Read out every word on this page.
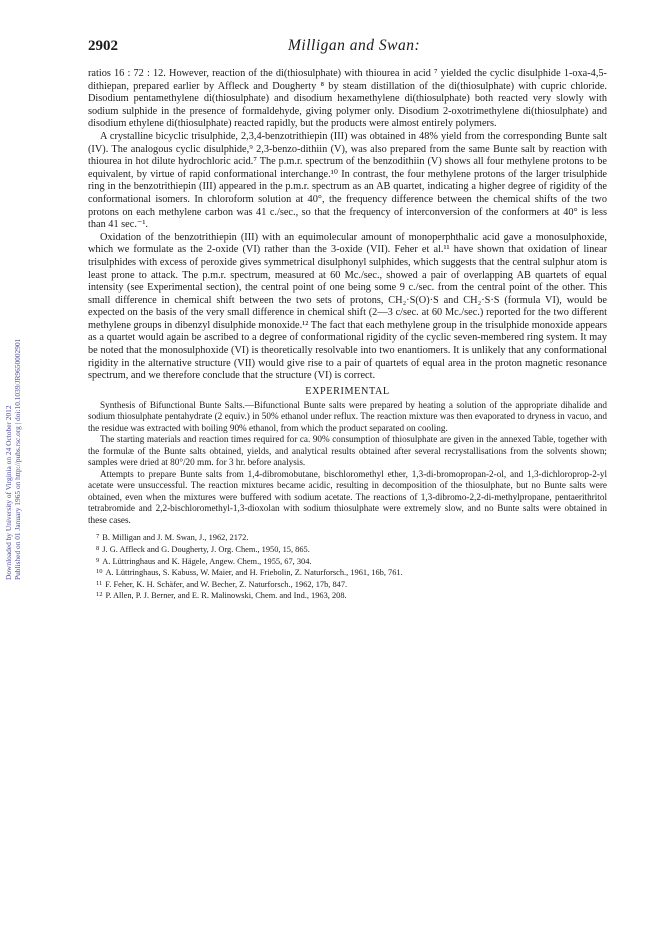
Downloaded by University of Virginia on 24 October 2012 Published on 01 January 1965 on http://pubs.rsc.org | doi:10.1039/JR9650002901
2902	Milligan and Swan:

ratios 16 : 72 : 12. However, reaction of the di(thiosulphate) with thiourea in acid ⁷ yielded the cyclic disulphide 1-oxa-4,5-dithiepan, prepared earlier by Affleck and Dougherty ⁸ by steam distillation of the di(thiosulphate) with cupric chloride. Disodium pentamethylene di(thiosulphate) and disodium hexamethylene di(thiosulphate) both reacted very slowly with sodium sulphide in the presence of formaldehyde, giving polymer only. Disodium 2-oxotrimethylene di(thiosulphate) and disodium ethylene di(thiosulphate) reacted rapidly, but the products were almost entirely polymers.

A crystalline bicyclic trisulphide, 2,3,4-benzotrithiepin (III) was obtained in 48% yield from the corresponding Bunte salt (IV). The analogous cyclic disulphide,⁹ 2,3-benzo-dithiin (V), was also prepared from the same Bunte salt by reaction with thiourea in hot dilute hydrochloric acid.⁷ The p.m.r. spectrum of the benzodithiin (V) shows all four methylene protons to be equivalent, by virtue of rapid conformational interchange.¹⁰ In contrast, the four methylene protons of the larger trisulphide ring in the benzotrithiepin (III) appeared in the p.m.r. spectrum as an AB quartet, indicating a higher degree of rigidity of the conformational isomers. In chloroform solution at 40°, the frequency difference between the chemical shifts of the two protons on each methylene carbon was 41 c./sec., so that the frequency of interconversion of the conformers at 40° is less than 41 sec.⁻¹.

Oxidation of the benzotrithiepin (III) with an equimolecular amount of monoperphthalic acid gave a monosulphoxide, which we formulate as the 2-oxide (VI) rather than the 3-oxide (VII). Feher et al.¹¹ have shown that oxidation of linear trisulphides with excess of peroxide gives symmetrical disulphonyl sulphides, which suggests that the central sulphur atom is least prone to attack. The p.m.r. spectrum, measured at 60 Mc./sec., showed a pair of overlapping AB quartets of equal intensity (see Experimental section), the central point of one being some 9 c./sec. from the central point of the other. This small difference in chemical shift between the two sets of protons, CH₂·S(O)·S and CH₂·S·S (formula VI), would be expected on the basis of the very small difference in chemical shift (2—3 c/sec. at 60 Mc./sec.) reported for the two different methylene groups in dibenzyl disulphide monoxide.¹² The fact that each methylene group in the trisulphide monoxide appears as a quartet would again be ascribed to a degree of conformational rigidity of the cyclic seven-membered ring system. It may be noted that the monosulphoxide (VI) is theoretically resolvable into two enantiomers. It is unlikely that any conformational rigidity in the alternative structure (VII) would give rise to a pair of quartets of equal area in the proton magnetic resonance spectrum, and we therefore conclude that the structure (VI) is correct.

EXPERIMENTAL

Synthesis of Bifunctional Bunte Salts.—Bifunctional Bunte salts were prepared by heating a solution of the appropriate dihalide and sodium thiosulphate pentahydrate (2 equiv.) in 50% ethanol under reflux. The reaction mixture was then evaporated to dryness in vacuo, and the residue was extracted with boiling 90% ethanol, from which the product separated on cooling.

The starting materials and reaction times required for ca. 90% consumption of thiosulphate are given in the annexed Table, together with the formulæ of the Bunte salts obtained, yields, and analytical results obtained after several recrystallisations from the solvents shown; samples were dried at 80°/20 mm. for 3 hr. before analysis.

Attempts to prepare Bunte salts from 1,4-dibromobutane, bischloromethyl ether, 1,3-di-bromopropan-2-ol, and 1,3-dichloroprop-2-yl acetate were unsuccessful. The reaction mixtures became acidic, resulting in decomposition of the thiosulphate, but no Bunte salts were obtained, even when the mixtures were buffered with sodium acetate. The reactions of 1,3-dibromo-2,2-di-methylpropane, pentaerithritol tetrabromide and 2,2-bischloromethyl-1,3-dioxolan with sodium thiosulphate were extremely slow, and no Bunte salts were obtained in these cases.

$^7$ B. Milligan and J. M. Swan, J., 1962, 2172.
$^8$ J. G. Affleck and G. Dougherty, J. Org. Chem., 1950, 15, 865.
$^9$ A. Lüttringhaus and K. Hägele, Angew. Chem., 1955, 67, 304.
$^{10}$ A. Lüttringhaus, S. Kabuss, W. Maier, and H. Friebolin, Z. Naturforsch., 1961, 16b, 761.
$^{11}$ F. Feher, K. H. Schäfer, and W. Becher, Z. Naturforsch., 1962, 17b, 847.
$^{12}$ P. Allen, P. J. Berner, and E. R. Malinowski, Chem. and Ind., 1963, 208.
